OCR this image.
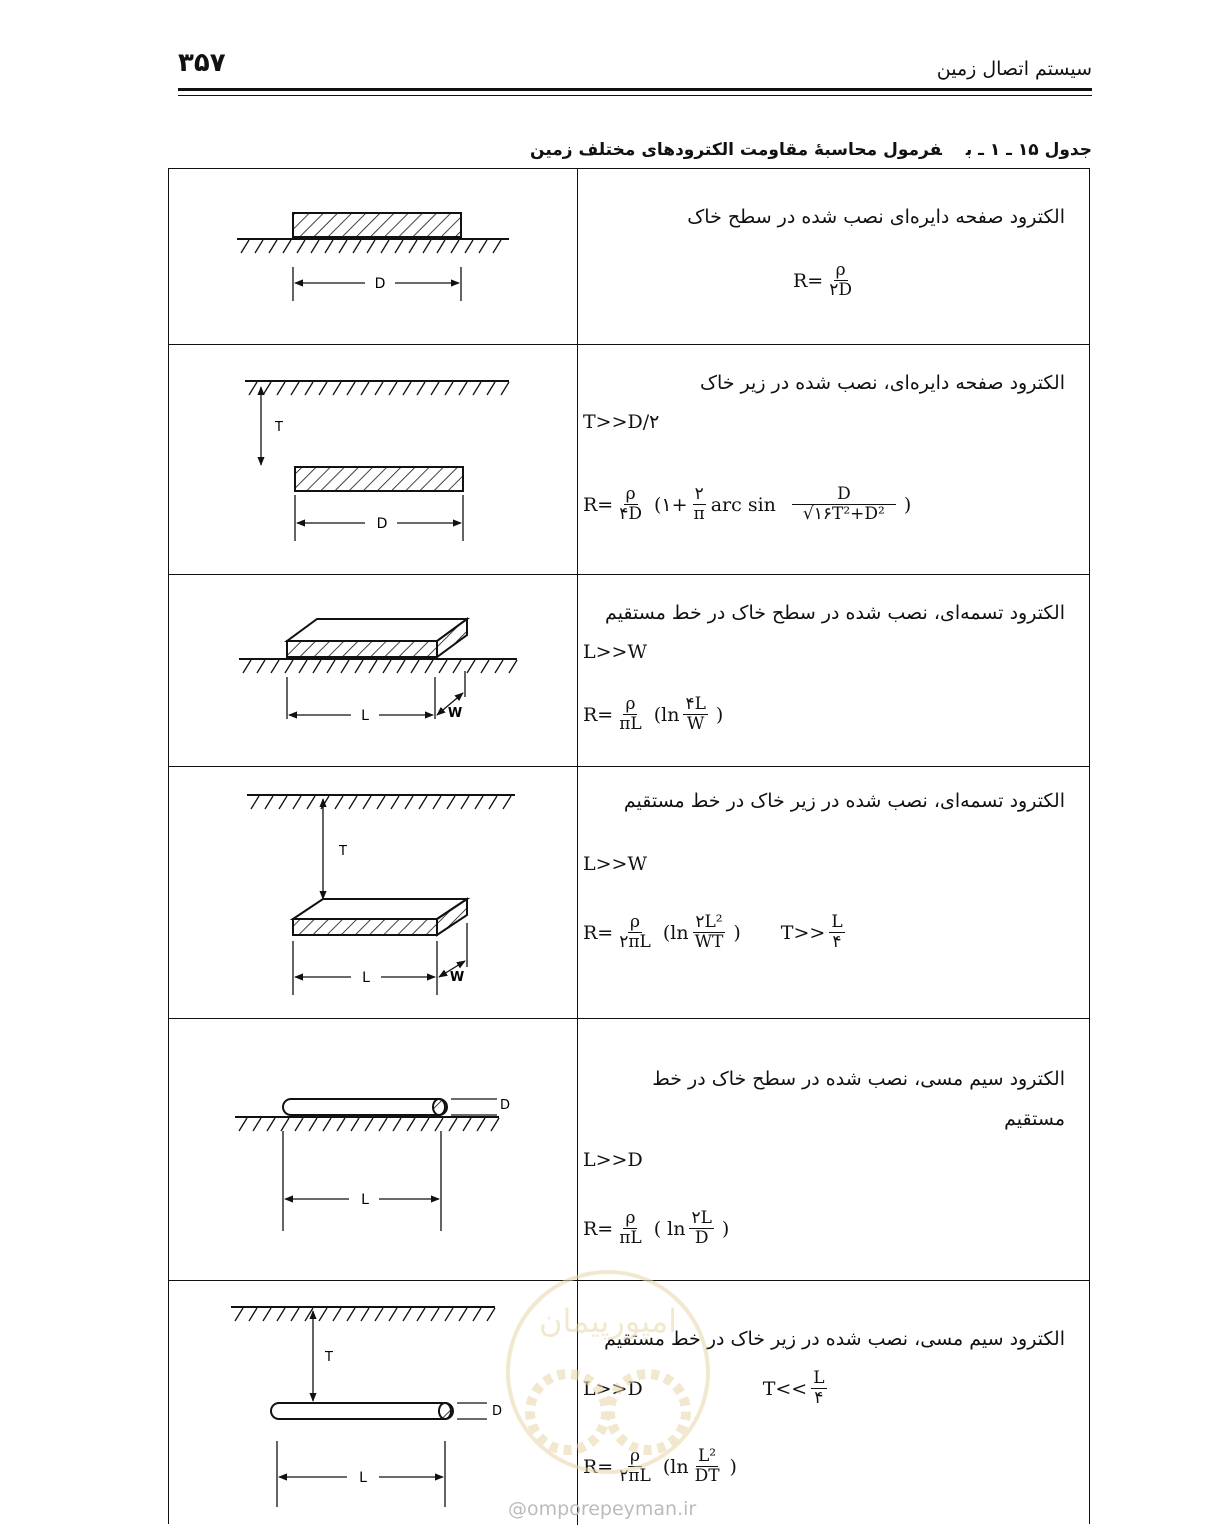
۳۵۷	سیستم اتصال زمین
جدول ۱۵ ـ ۱ ـ بفرمول محاسبهٔ مقاومت الکترودهای مختلف زمین
D
الکترود صفحه دایره‌ای نصب شده در سطح خاک
$R= \frac{\rho}{۲D}$
T
D
الکترود صفحه دایره‌ای، نصب شده در زیر خاک
T>>D/۲
$R= \frac{\rho}{۴D}$ (۱+ $\frac{۲}{\pi}$ arc $\sin \frac{D}{\text{√۱۶T²+D²}}$ )
L	W
الکترود تسمه‌ای، نصب شده در سطح خاک در خط مستقیم
L>>W
$R= \frac{\rho}{\pi L} (\ln \frac{۴L}{W}$ )
T
L	W
الکترود تسمه‌ای، نصب شده در زیر خاک در خط مستقیم
L>>W
$R= \frac{\rho}{۲\pi L} (\ln \frac{\text{۲L²}}{WT}$ ) $T>> \frac{L}{۴}$
D
L
الکترود سیم مسی، نصب شده در سطح خاک در خط مستقیم
L>>D
$R= \frac{\rho}{\pi L}$ ( $\ln \frac{۲L}{D}$ )
T
D
L
الکترود سیم مسی، نصب شده در زیر خاک در خط مستقیم
L>>D	$T<< \frac{L}{۴}$
$R= \frac{\rho}{۲\pi L} (\ln \frac{\text{L²}}{DT}$ )
امپورپیمان
@omporepeyman.ir
